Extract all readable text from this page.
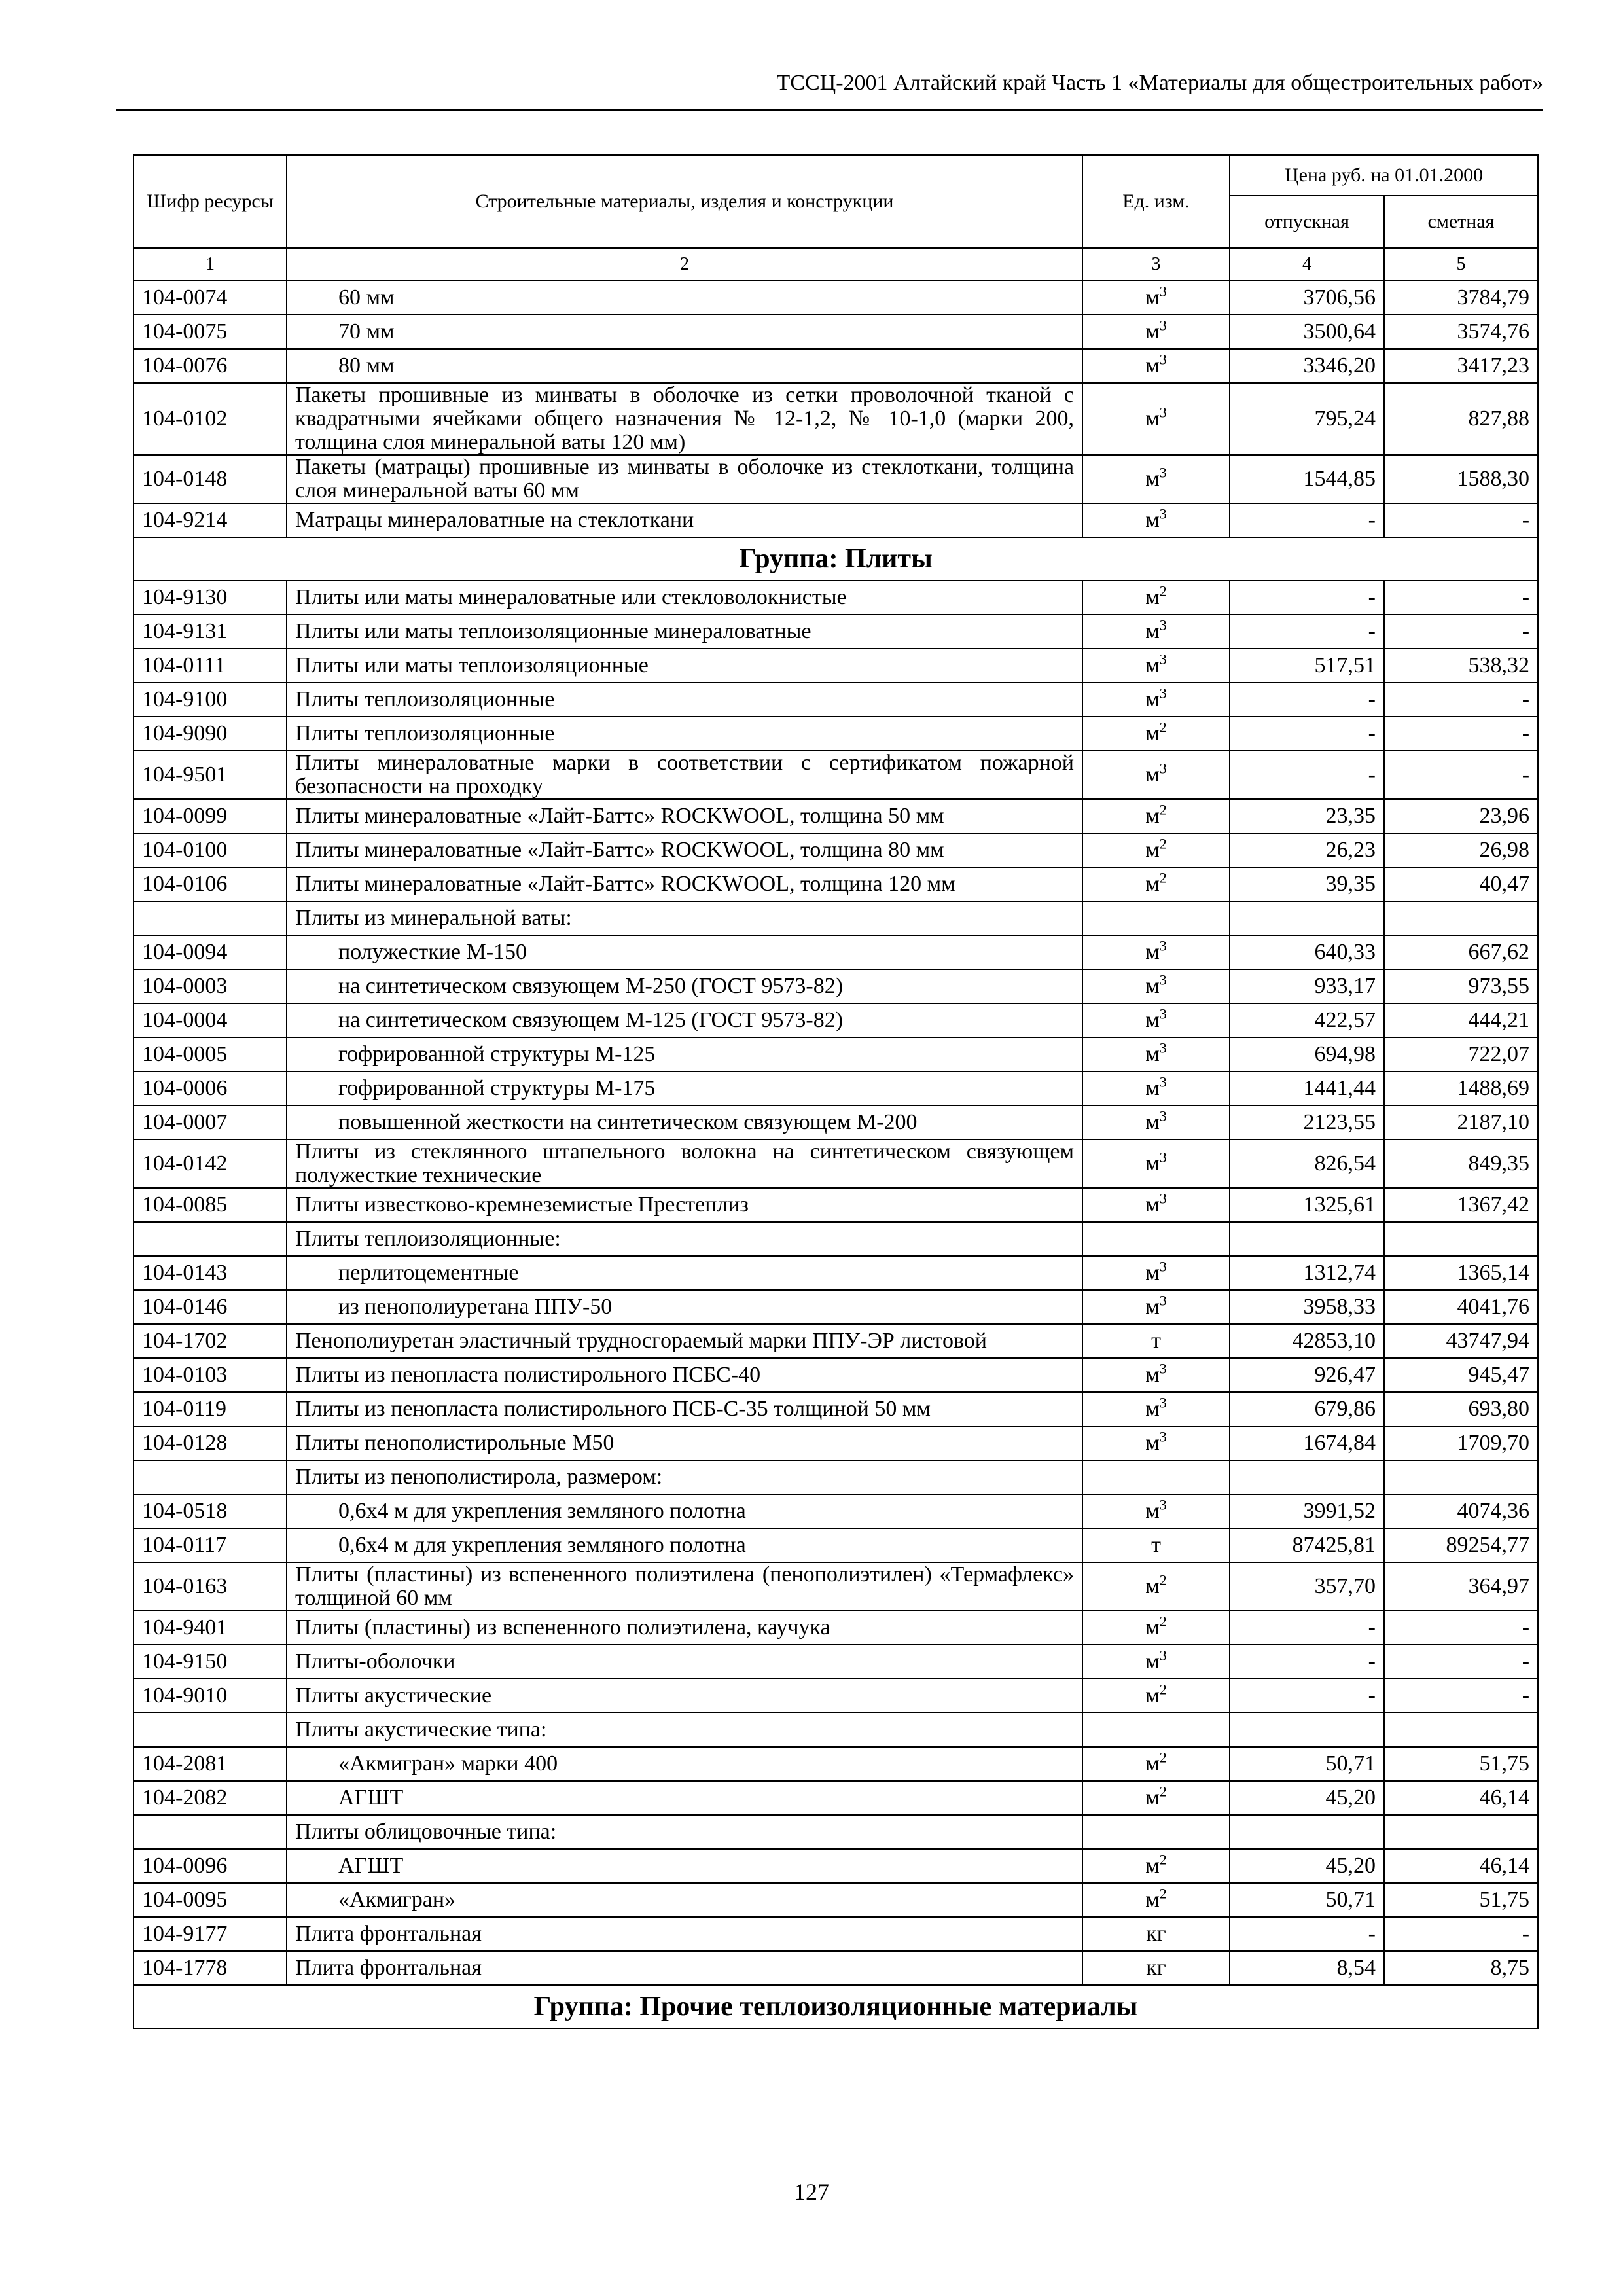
ТССЦ-2001 Алтайский край Часть 1 «Материалы для общестроительных работ»
Шифр ресурсы	Строительные материалы, изделия и конструкции	Ед. изм.	Цена руб. на 01.01.2000	
			отпускная	сметная
1	2	3	4	5
104-0074	60 мм	$м^3$	3706,56	3784,79
104-0075	70 мм	$м^3$	3500,64	3574,76
104-0076	80 мм	$м^3$	3346,20	3417,23
104-0102	Пакеты прошивные из минваты в оболочке из сетки проволочной тканой с квадратными ячейками общего назначения № 12-1,2, № 10-1,0 (марки 200, толщина слоя минеральной ваты 120 мм)	$м^3$	795,24	827,88
104-0148	Пакеты (матрацы) прошивные из минваты в оболочке из стеклоткани, толщина слоя минеральной ваты 60 мм	$м^3$	1544,85	1588,30
104-9214	Матрацы минераловатные на стеклоткани	$м^3$	-	-
Группа: Плиты				
104-9130	Плиты или маты минераловатные или стекловолокнистые	$м^2$	-	-
104-9131	Плиты или маты теплоизоляционные минераловатные	$м^3$	-	-
104-0111	Плиты или маты теплоизоляционные	$м^3$	517,51	538,32
104-9100	Плиты теплоизоляционные	$м^3$	-	-
104-9090	Плиты теплоизоляционные	$м^2$	-	-
104-9501	Плиты минераловатные марки в соответствии с сертификатом пожарной безопасности на проходку	$м^3$	-	-
104-0099	Плиты минераловатные «Лайт-Баттс» ROCKWOOL, толщина 50 мм	$м^2$	23,35	23,96
104-0100	Плиты минераловатные «Лайт-Баттс» ROCKWOOL, толщина 80 мм	$м^2$	26,23	26,98
104-0106	Плиты минераловатные «Лайт-Баттс» ROCKWOOL, толщина 120 мм	$м^2$	39,35	40,47
	Плиты из минеральной ваты:			
104-0094	полужесткие М-150	$м^3$	640,33	667,62
104-0003	на синтетическом связующем М-250 (ГОСТ 9573-82)	$м^3$	933,17	973,55
104-0004	на синтетическом связующем М-125 (ГОСТ 9573-82)	$м^3$	422,57	444,21
104-0005	гофрированной структуры М-125	$м^3$	694,98	722,07
104-0006	гофрированной структуры М-175	$м^3$	1441,44	1488,69
104-0007	повышенной жесткости на синтетическом связующем М-200	$м^3$	2123,55	2187,10
104-0142	Плиты из стеклянного штапельного волокна на синтетическом связующем полужесткие технические	$м^3$	826,54	849,35
104-0085	Плиты известково-кремнеземистые Престеплиз	$м^3$	1325,61	1367,42
	Плиты теплоизоляционные:			
104-0143	перлитоцементные	$м^3$	1312,74	1365,14
104-0146	из пенополиуретана ППУ-50	$м^3$	3958,33	4041,76
104-1702	Пенополиуретан эластичный трудносгораемый марки ППУ-ЭР листовой	т	42853,10	43747,94
104-0103	Плиты из пенопласта полистирольного ПСБС-40	$м^3$	926,47	945,47
104-0119	Плиты из пенопласта полистирольного ПСБ-С-35 толщиной 50 мм	$м^3$	679,86	693,80
104-0128	Плиты пенополистирольные М50	$м^3$	1674,84	1709,70
	Плиты из пенополистирола, размером:			
104-0518	0,6х4 м для укрепления земляного полотна	$м^3$	3991,52	4074,36
104-0117	0,6х4 м для укрепления земляного полотна	т	87425,81	89254,77
104-0163	Плиты (пластины) из вспененного полиэтилена (пенополиэтилен) «Термафлекс» толщиной 60 мм	$м^2$	357,70	364,97
104-9401	Плиты (пластины) из вспененного полиэтилена, каучука	$м^2$	-	-
104-9150	Плиты-оболочки	$м^3$	-	-
104-9010	Плиты акустические	$м^2$	-	-
	Плиты акустические типа:			
104-2081	«Акмигран» марки 400	$м^2$	50,71	51,75
104-2082	АГШТ	$м^2$	45,20	46,14
	Плиты облицовочные типа:			
104-0096	АГШТ	$м^2$	45,20	46,14
104-0095	«Акмигран»	$м^2$	50,71	51,75
104-9177	Плита фронтальная	кг	-	-
104-1778	Плита фронтальная	кг	8,54	8,75
Группа: Прочие теплоизоляционные материалы				
127
